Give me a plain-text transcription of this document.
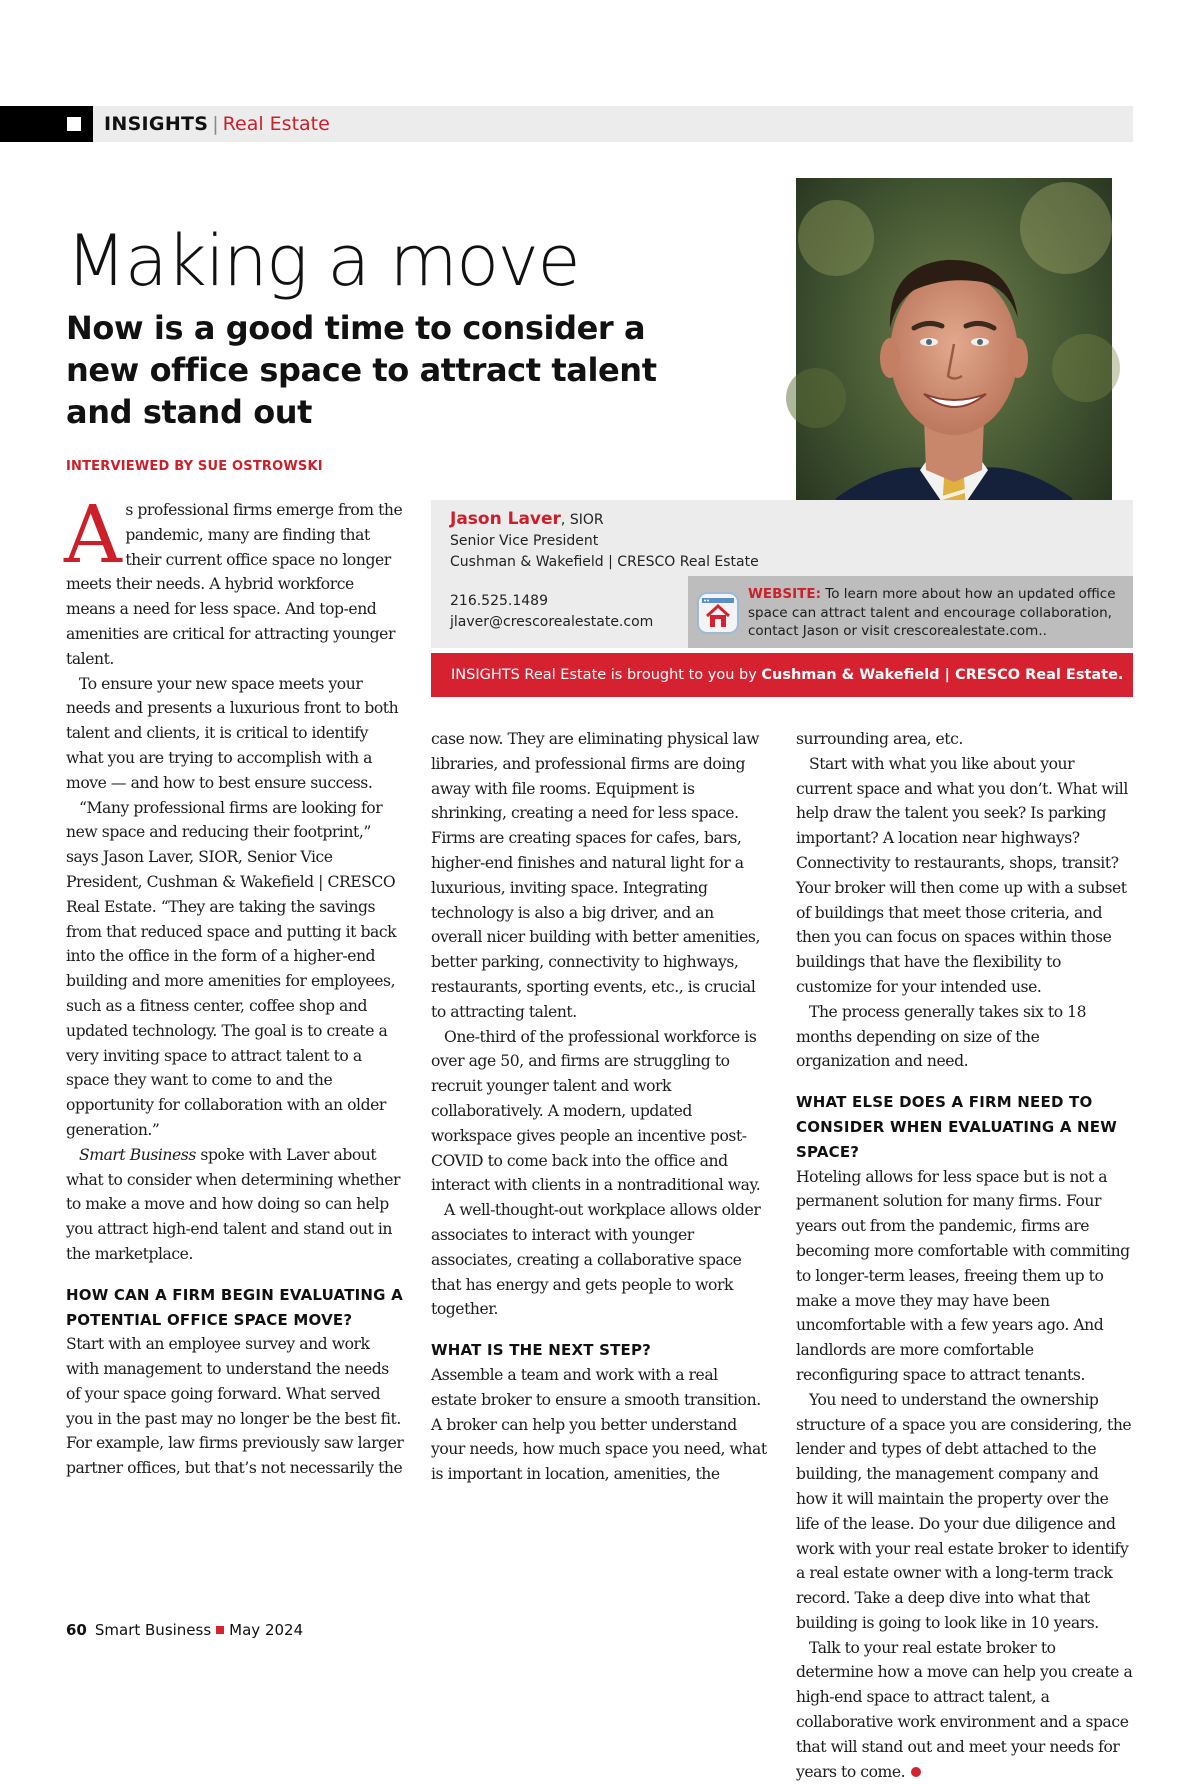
INSIGHTS | Real Estate
Making a move
Now is a good time to consider a new office space to attract talent and stand out
INTERVIEWED BY SUE OSTROWSKI
Jason Laver, SIOR
Senior Vice President
Cushman & Wakefield | CRESCO Real Estate
216.525.1489
jlaver@crescorealestate.com
WEBSITE: To learn more about how an updated office space can attract talent and encourage collaboration, contact Jason or visit crescorealestate.com..
INSIGHTS Real Estate is brought to you by Cushman & Wakefield | CRESCO Real Estate.

As professional firms emerge from the pandemic, many are finding that their current office space no longer meets their needs. A hybrid workforce means a need for less space. And top-end amenities are critical for attracting younger talent.

To ensure your new space meets your needs and presents a luxurious front to both talent and clients, it is critical to identify what you are trying to accomplish with a move — and how to best ensure success.

“Many professional firms are looking for new space and reducing their footprint,” says Jason Laver, SIOR, Senior Vice President, Cushman & Wakefield | CRESCO Real Estate. “They are taking the savings from that reduced space and putting it back into the office in the form of a higher-end building and more amenities for employees, such as a fitness center, coffee shop and updated technology. The goal is to create a very inviting space to attract talent to a space they want to come to and the opportunity for collaboration with an older generation.”

Smart Business spoke with Laver about what to consider when determining whether to make a move and how doing so can help you attract high-end talent and stand out in the marketplace.

HOW CAN A FIRM BEGIN EVALUATING A POTENTIAL OFFICE SPACE MOVE?

Start with an employee survey and work with management to understand the needs of your space going forward. What served you in the past may no longer be the best fit. For example, law firms previously saw larger partner offices, but that’s not necessarily the

case now. They are eliminating physical law libraries, and professional firms are doing away with file rooms. Equipment is shrinking, creating a need for less space. Firms are creating spaces for cafes, bars, higher-end finishes and natural light for a luxurious, inviting space. Integrating technology is also a big driver, and an overall nicer building with better amenities, better parking, connectivity to highways, restaurants, sporting events, etc., is crucial to attracting talent.

One-third of the professional workforce is over age 50, and firms are struggling to recruit younger talent and work collaboratively. A modern, updated workspace gives people an incentive post-COVID to come back into the office and interact with clients in a nontraditional way.

A well-thought-out workplace allows older associates to interact with younger associates, creating a collaborative space that has energy and gets people to work together.

WHAT IS THE NEXT STEP?

Assemble a team and work with a real estate broker to ensure a smooth transition. A broker can help you better understand your needs, how much space you need, what is important in location, amenities, the

surrounding area, etc.

Start with what you like about your current space and what you don’t. What will help draw the talent you seek? Is parking important? A location near highways? Connectivity to restaurants, shops, transit? Your broker will then come up with a subset of buildings that meet those criteria, and then you can focus on spaces within those buildings that have the flexibility to customize for your intended use.

The process generally takes six to 18 months depending on size of the organization and need.

WHAT ELSE DOES A FIRM NEED TO CONSIDER WHEN EVALUATING A NEW SPACE?

Hoteling allows for less space but is not a permanent solution for many firms. Four years out from the pandemic, firms are becoming more comfortable with commiting to longer-term leases, freeing them up to make a move they may have been uncomfortable with a few years ago. And landlords are more comfortable reconfiguring space to attract tenants.

You need to understand the ownership structure of a space you are considering, the lender and types of debt attached to the building, the management company and how it will maintain the property over the life of the lease. Do your due diligence and work with your real estate broker to identify a real estate owner with a long-term track record. Take a deep dive into what that building is going to look like in 10 years.

Talk to your real estate broker to determine how a move can help you create a high-end space to attract talent, a collaborative work environment and a space that will stand out and meet your needs for years to come.

60 Smart Business May 2024
